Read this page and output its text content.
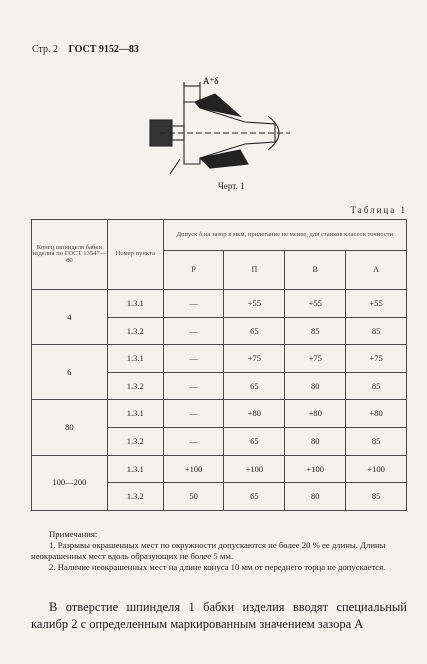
Стр. 2 ГОСТ 9152—83
A⁺δ
Черт. 1
Таблица 1
Конец шпинделя бабки изделия по ГОСТ 13547—80	Номер пункта	Допуск δ на зазор в мкм, прилегание не менее, для станков классов точности			
		Р	П	В	А
4	1.3.1	—	+55	+55	+55
	1.3.2	—	65	85	85
6	1.3.1	—	+75	+75	+75
	1.3.2	—	65	80	85
80	1.3.1	—	+80	+80	+80
	1.3.2	—	65	80	85
100—200	1.3.1	+100	+100	+100	+100
	1.3.2	50	65	80	85
Примечания:

1. Разрывы окрашенных мест по окружности допускаются не более 20 % ее длины. Длины неокрашенных мест вдоль образующих не более 5 мм.

2. Наличие неокрашенных мест на длине конуса 10 мм от переднего торца не допускается.

В отверстие шпинделя 1 бабки изделия вводят специальный калибр 2 с определенным маркированным значением зазора A
